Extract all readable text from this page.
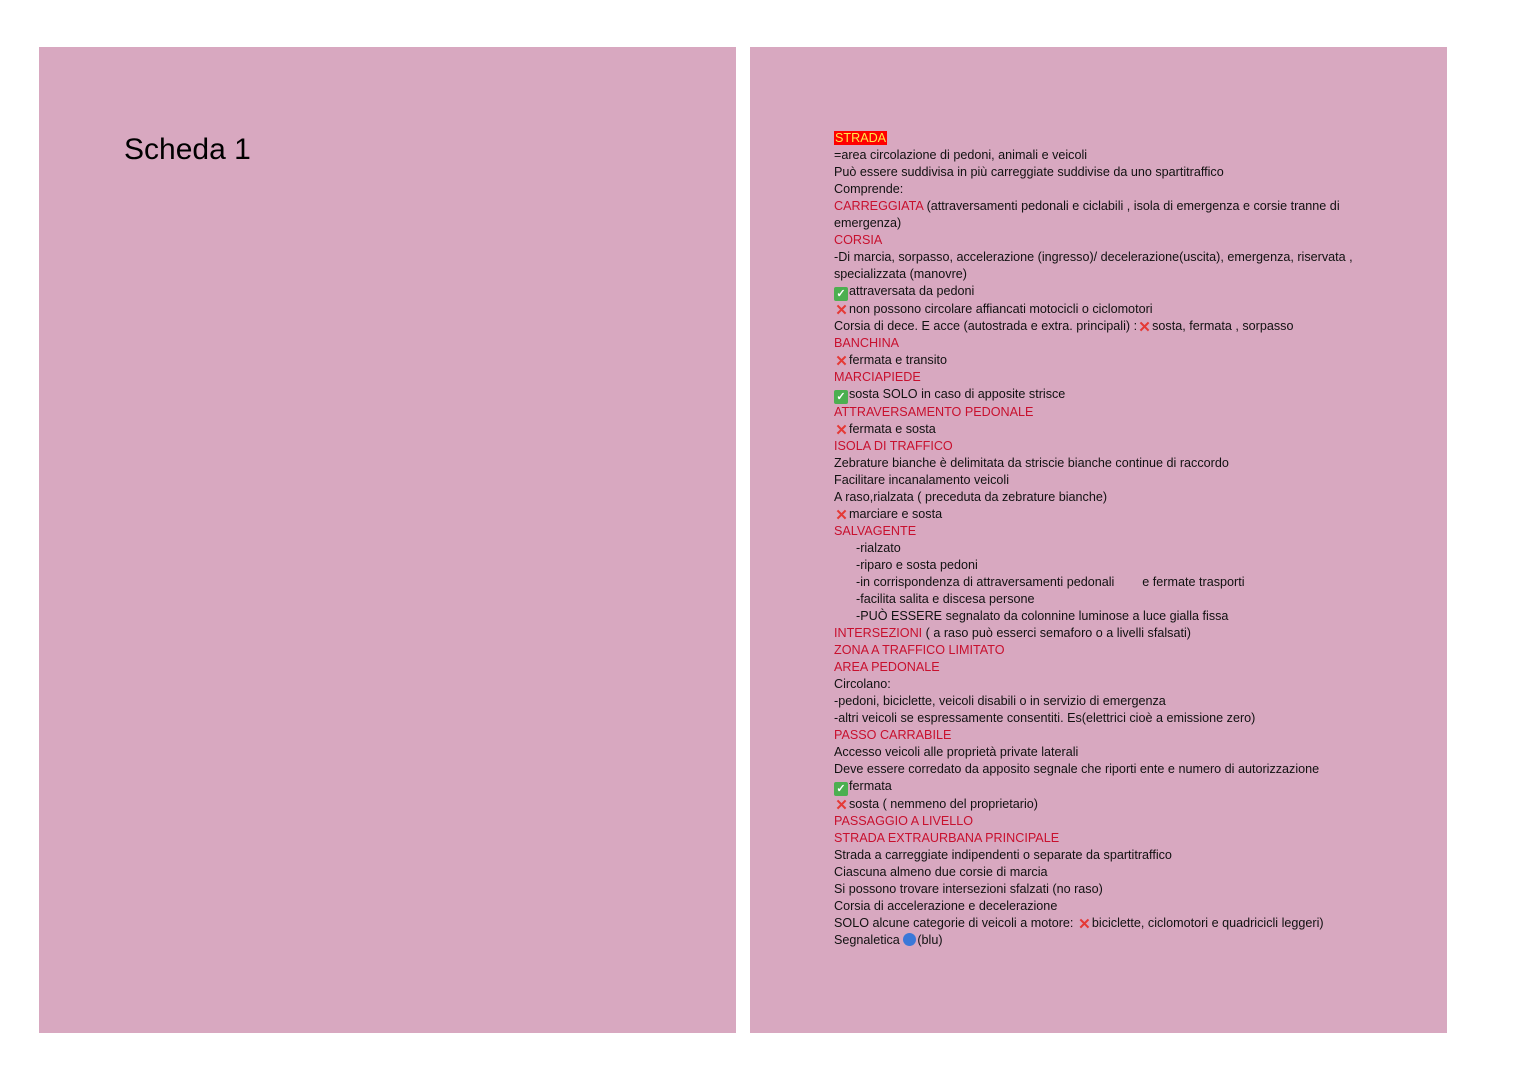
Scheda 1	STRADA
=area circolazione di pedoni, animali e veicoli
Può essere suddivisa in più carreggiate suddivise da uno spartitraffico
Comprende:
CARREGGIATA (attraversamenti pedonali e ciclabili , isola di emergenza e corsie tranne di emergenza)
CORSIA
-Di marcia, sorpasso, accelerazione (ingresso)/ decelerazione(uscita), emergenza, riservata , specializzata (manovre)
✓ attraversata da pedoni
✕non possono circolare affiancati motocicli o ciclomotori
Corsia di dece. E acce (autostrada e extra. principali) :✕sosta, fermata , sorpasso
BANCHINA
✕fermata e transito
MARCIAPIEDE
✓ sosta SOLO in caso di apposite strisce
ATTRAVERSAMENTO PEDONALE
✕fermata e sosta
ISOLA DI TRAFFICO
Zebrature bianche è delimitata da striscie bianche continue di raccordo
Facilitare incanalamento veicoli
A raso,rialzata ( preceduta da zebrature bianche)
✕marciare e sosta
SALVAGENTE
-rialzato
-riparo e sosta pedoni
-in corrispondenza di attraversamenti pedonali        e fermate trasporti
-facilita salita e discesa persone
-PUÒ ESSERE segnalato da colonnine luminose a luce gialla fissa
INTERSEZIONI ( a raso può esserci semaforo o a livelli sfalsati)
ZONA A TRAFFICO LIMITATO
AREA PEDONALE
Circolano:
-pedoni, biciclette, veicoli disabili o in servizio di emergenza
-altri veicoli se espressamente consentiti. Es(elettrici cioè a emissione zero)
PASSO CARRABILE
Accesso veicoli alle proprietà private laterali
Deve essere corredato da apposito segnale che riporti ente e numero di autorizzazione
✓ fermata
✕sosta ( nemmeno del proprietario)
PASSAGGIO A LIVELLO
STRADA EXTRAURBANA PRINCIPALE
Strada a carreggiate indipendenti o separate da spartitraffico
Ciascuna almeno due corsie di marcia
Si possono trovare intersezioni sfalzati (no raso)
Corsia di accelerazione e decelerazione
SOLO alcune categorie di veicoli a motore: ✕biciclette, ciclomotori e quadricicli leggeri)
Segnaletica (blu)
